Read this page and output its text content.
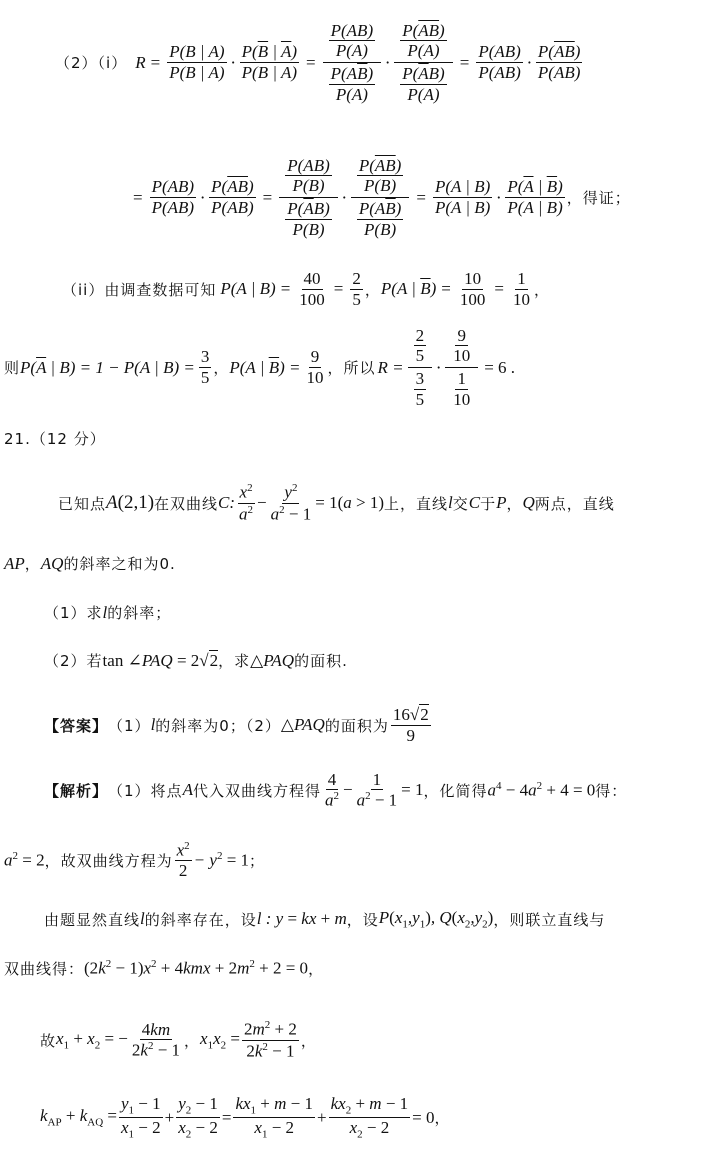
（2）（i） $R = \frac{P(B | A)}{P(\overline{B} | A)} \cdot \frac{P(\overline{B} | \overline{A})}{P(B | \overline{A})} = \frac{\frac{P(AB)}{P(A)}}{\frac{P(A\overline{B})}{P(A)}} \cdot \frac{\frac{P(\overline{AB})}{P(\overline{A})}}{\frac{P(\overline{A}B)}{P(\overline{A})}} = \frac{P(AB)}{P(A\overline{B})} \cdot \frac{P(\overline{AB})}{P(\overline{A}B)}$
= $\frac{P(AB)}{P(\overline{A}B)} \cdot \frac{P(\overline{AB})}{P(A\overline{B})} = \frac{\frac{P(AB)}{P(B)}}{\frac{P(\overline{A}B)}{P(B)}} \cdot \frac{\frac{P(\overline{AB})}{P(\overline{B})}}{\frac{P(A\overline{B})}{P(\overline{B})}} = \frac{P(A | B)}{P(\overline{A} | B)} \cdot \frac{P(\overline{A} | \overline{B})}{P(A | \overline{B})}$ ，得证；
（ii） 由调查数据可知 P(A | $B) = \frac{40}{100} = \frac{2}{5}$ ， P(A | $\overline{B}) = \frac{10}{100} = \frac{1}{10}$ ，
则 $P(\overline{A}$ | B) = 1 − P(A | $B) = \frac{3}{5}$ ， P(A | $\overline{B}) = \frac{9}{10}$ ，所以 $R = \frac{\frac{2}{5}}{\frac{3}{5}} \cdot \frac{\frac{9}{10}}{\frac{1}{10}} = 6$ .
21.（12 分）
已知点 A(2,1) 在双曲线 C: $\frac{x^2}{a^2} - \frac{y^2}{a^2 - 1} = 1(a > 1)$ 上，直线 l 交 C 于 P ， Q 两点，直线
AP ， AQ 的斜率之和为0.
（1）求 l 的斜率；
（2）若 tan ∠PAQ = 2√2 ，求 △PAQ 的面积.
【答案】 （1） l 的斜率为0；（2） △PAQ 的面积为 $\frac{16√2}{9}$
【解析】 （1）将点 A 代入双曲线方程得 $\frac{4}{a^2} - \frac{1}{a^2 - 1} = 1$ ，化简得 $a^4 - 4a^2 + 4 = 0$ 得：
$a^2 = 2$ ，故双曲线方程为 $\frac{x^2}{2} - y^2 = 1$ ；
由题显然直线 l 的斜率存在，设 l : y = kx + m ，设 $P(x_1,y_1)$, $Q(x_2,y_2)$ ，则联立直线与
双曲线得： $(2k^2 - 1)x^2 + 4kmx + 2m^2 + 2 = 0$ ，
故 $x_1 + x_2$ = − $\frac{4km}{2k^2 - 1}$ ， $x_1x_2 = \frac{2m^2 + 2}{2k^2 - 1}$ ，
$k_{AP} + k_{AQ} = \frac{y_1 - 1}{x_1 - 2} + \frac{y_2 - 1}{x_2 - 2} = \frac{kx_1 + m - 1}{x_1 - 2} + \frac{kx_2 + m - 1}{x_2 - 2} = 0$ ，
